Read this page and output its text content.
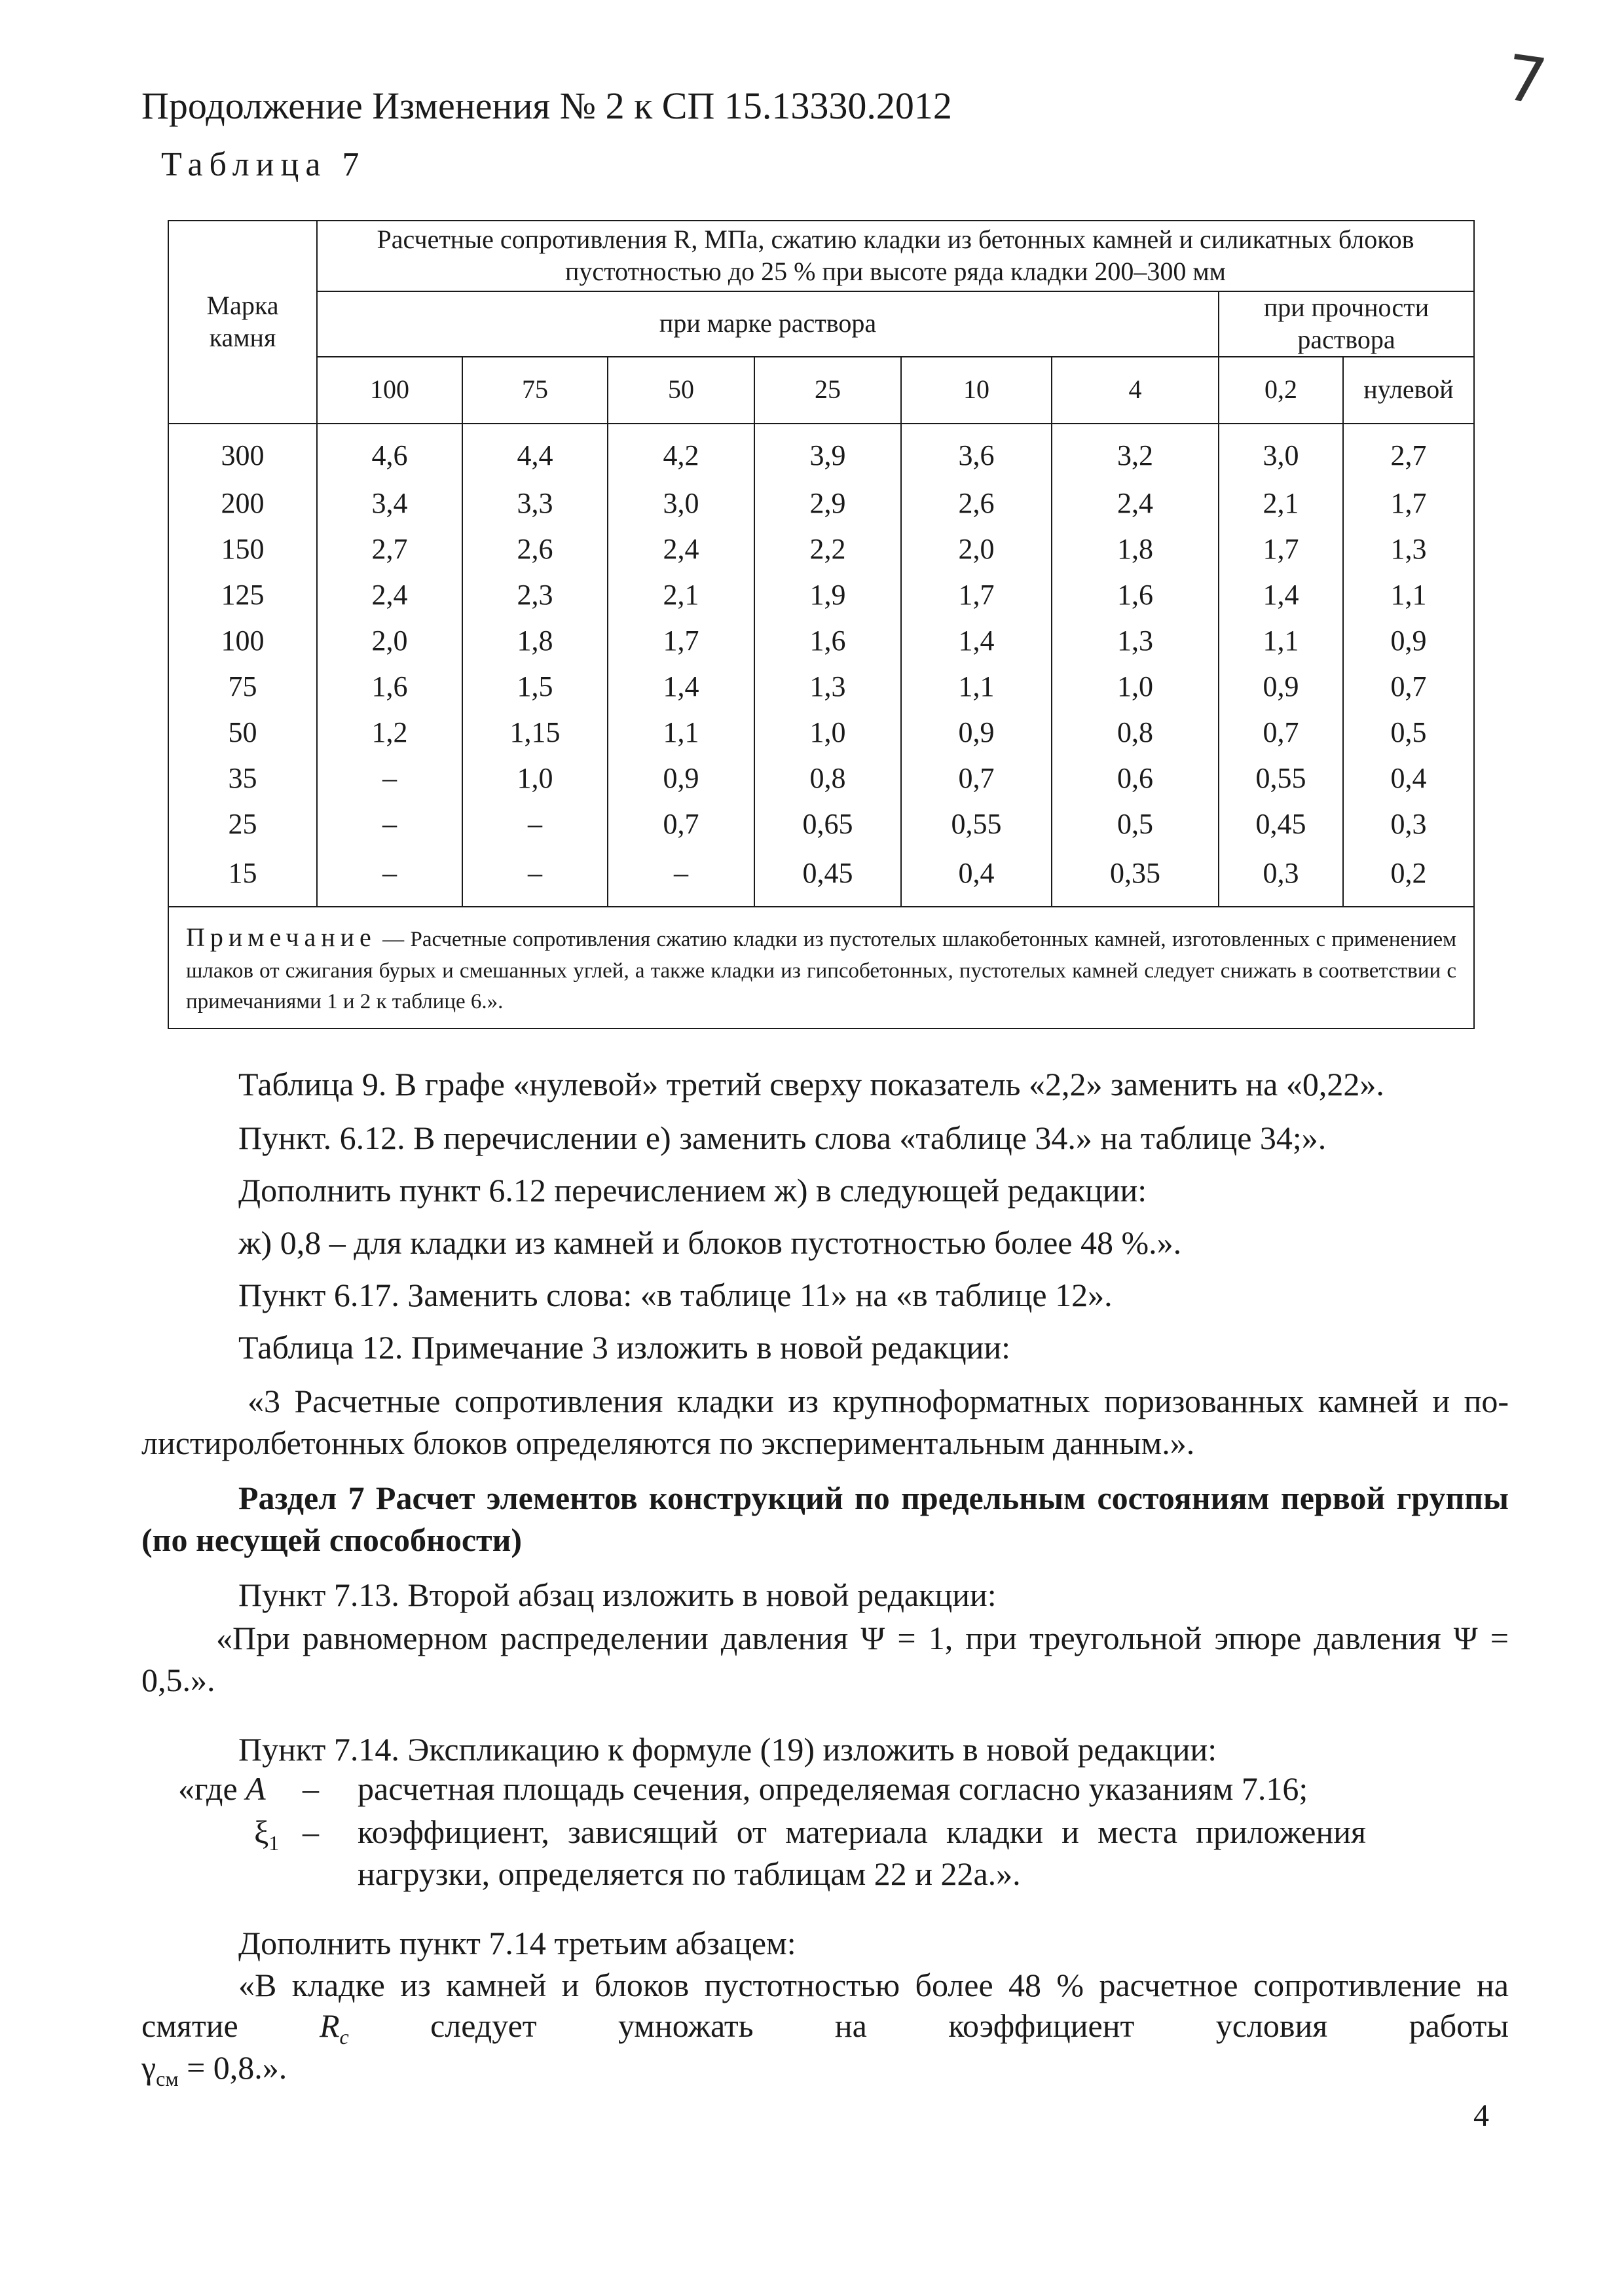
7
Продолжение Изменения № 2 к СП 15.13330.2012
Таблица 7
Марка камня	Расчетные сопротивления R, МПа, сжатию кладки из бетонных камней и силикатных блоков пустотностью до 25 % при высоте ряда кладки 200–300 мм							
	при марке раствора						при прочности раствора	
	100	75	50	25	10	4	0,2	нулевой
300	4,6	4,4	4,2	3,9	3,6	3,2	3,0	2,7
200	3,4	3,3	3,0	2,9	2,6	2,4	2,1	1,7
150	2,7	2,6	2,4	2,2	2,0	1,8	1,7	1,3
125	2,4	2,3	2,1	1,9	1,7	1,6	1,4	1,1
100	2,0	1,8	1,7	1,6	1,4	1,3	1,1	0,9
75	1,6	1,5	1,4	1,3	1,1	1,0	0,9	0,7
50	1,2	1,15	1,1	1,0	0,9	0,8	0,7	0,5
35	–	1,0	0,9	0,8	0,7	0,6	0,55	0,4
25	–	–	0,7	0,65	0,55	0,5	0,45	0,3
15	–	–	–	0,45	0,4	0,35	0,3	0,2
Примечание — Расчетные сопротивления сжатию кладки из пустотелых шлакобетонных камней, изготовленных с применением шлаков от сжигания бурых и смешанных углей, а также кладки из гипсобетонных, пустотелых камней следует снижать в соответствии с примечаниями 1 и 2 к таблице 6.».								
Таблица 9. В графе «нулевой» третий сверху показатель «2,2» заменить на «0,22».
Пункт. 6.12. В перечислении е) заменить слова «таблице 34.» на таблице 34;».
Дополнить пункт 6.12 перечислением ж) в следующей редакции:
ж) 0,8 – для кладки из камней и блоков пустотностью более 48 %.».
Пункт 6.17. Заменить слова: «в таблице 11» на «в таблице 12».
Таблица 12. Примечание 3 изложить в новой редакции:
«3 Расчетные сопротивления кладки из крупноформатных поризованных камней и по-
листиролбетонных блоков определяются по экспериментальным данным.».
Раздел 7 Расчет элементов конструкций по предельным состояниям первой группы
(по несущей способности)
Пункт 7.13. Второй абзац изложить в новой редакции:
«При равномерном распределении давления Ψ = 1, при треугольной эпюре давления Ψ =
0,5.».
Пункт 7.14. Экспликацию к формуле (19) изложить в новой редакции:
«где A – расчетная площадь сечения, определяемая согласно указаниям 7.16;
$\xi_1$ – коэффициент, зависящий от материала кладки и места приложения
нагрузки, определяется по таблицам 22 и 22а.».
Дополнить пункт 7.14 третьим абзацем:
«В кладке из камней и блоков пустотностью более 48 % расчетное сопротивление на
смятие $R_c$ следует умножать на коэффициент условия работы
$\gamma_{см} = 0,8$.».
4
